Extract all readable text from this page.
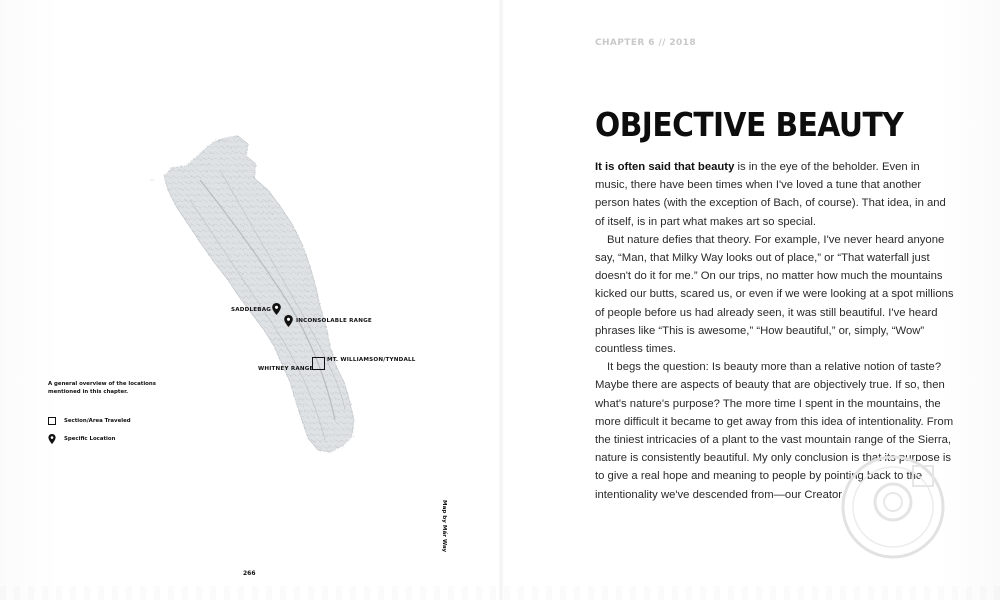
SADDLEBAG
INCONSOLABLE RANGE
MT. WILLIAMSON/TYNDALL
WHITNEY RANGE
A general overview of the locations mentioned in this chapter.
Section/Area Traveled
Specific Location
Map by Mấr Way
266
CHAPTER 6 // 2018
OBJECTIVE BEAUTY

It is often said that beauty is in the eye of the beholder. Even in music, there have been times when I've loved a tune that another person hates (with the exception of Bach, of course). That idea, in and of itself, is in part what makes art so special.

But nature defies that theory. For example, I've never heard anyone say, “Man, that Milky Way looks out of place,” or “That waterfall just doesn't do it for me.” On our trips, no matter how much the mountains kicked our butts, scared us, or even if we were looking at a spot millions of people before us had already seen, it was still beautiful. I've heard phrases like “This is awesome,” “How beautiful,” or, simply, “Wow” countless times.

It begs the question: Is beauty more than a relative notion of taste? Maybe there are aspects of beauty that are objectively true. If so, then what's nature's purpose? The more time I spent in the mountains, the more difficult it became to get away from this idea of intentionality. From the tiniest intricacies of a plant to the vast mountain range of the Sierra, nature is consistently beautiful. My only conclusion is that its purpose is to give a real hope and meaning to people by pointing back to the intentionality we've descended from—our Creator.
